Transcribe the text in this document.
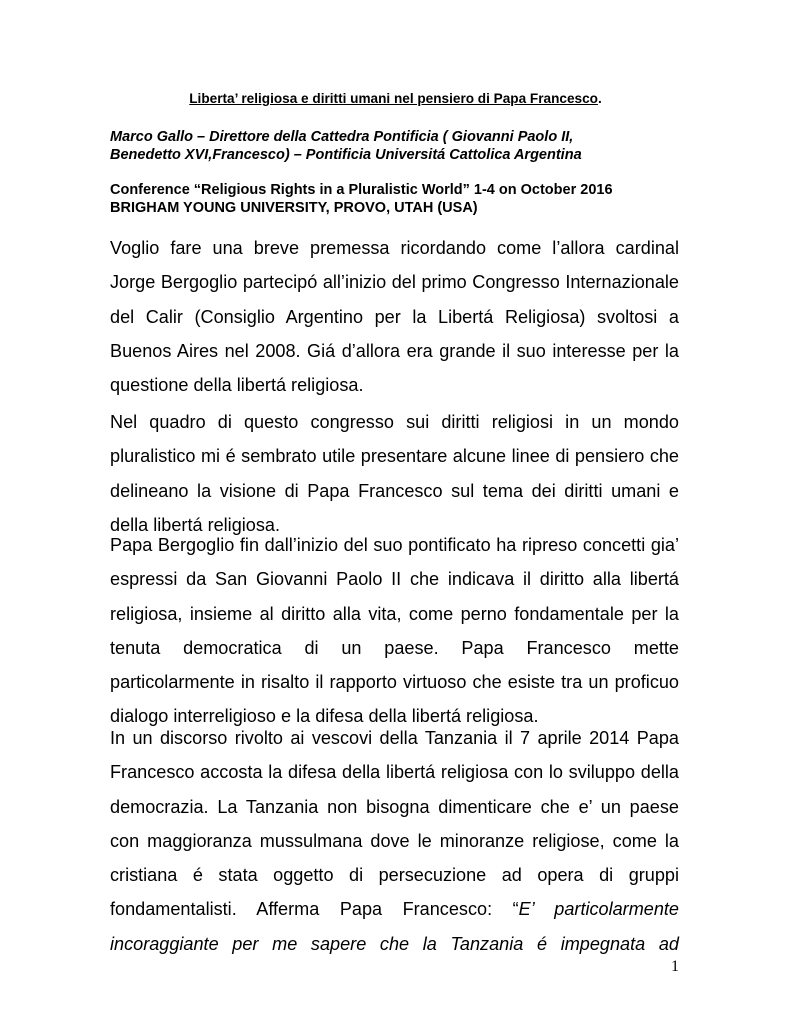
Liberta’ religiosa e diritti umani nel pensiero di Papa Francesco.
Marco Gallo – Direttore della Cattedra Pontificia ( Giovanni Paolo II,
Benedetto XVI,Francesco) – Pontificia Universitá Cattolica Argentina
Conference “Religious Rights in a Pluralistic World” 1-4 on October 2016
BRIGHAM YOUNG UNIVERSITY, PROVO, UTAH (USA)
Voglio fare una breve premessa ricordando come l’allora cardinal
Jorge Bergoglio partecipó all’inizio del primo Congresso Internazionale
del Calir (Consiglio Argentino per la Libertá Religiosa) svoltosi a
Buenos Aires nel 2008. Giá d’allora era grande il suo interesse per la
questione della libertá religiosa.
Nel quadro di questo congresso sui diritti religiosi in un mondo
pluralistico mi é sembrato utile presentare alcune linee di pensiero che
delineano la visione di Papa Francesco sul tema dei diritti umani e
della libertá religiosa.
Papa Bergoglio fin dall’inizio del suo pontificato ha ripreso concetti gia’
espressi da San Giovanni Paolo II che indicava il diritto alla libertá
religiosa, insieme al diritto alla vita, come perno fondamentale per la
tenuta democratica di un paese. Papa Francesco mette
particolarmente in risalto il rapporto virtuoso che esiste tra un proficuo
dialogo interreligioso e la difesa della libertá religiosa.
In un discorso rivolto ai vescovi della Tanzania il 7 aprile 2014 Papa
Francesco accosta la difesa della libertá religiosa con lo sviluppo della
democrazia. La Tanzania non bisogna dimenticare che e’ un paese
con maggioranza mussulmana dove le minoranze religiose, come la
cristiana é stata oggetto di persecuzione ad opera di gruppi
fondamentalisti. Afferma Papa Francesco: “E’ particolarmente
incoraggiante per me sapere che la Tanzania é impegnata ad
1
